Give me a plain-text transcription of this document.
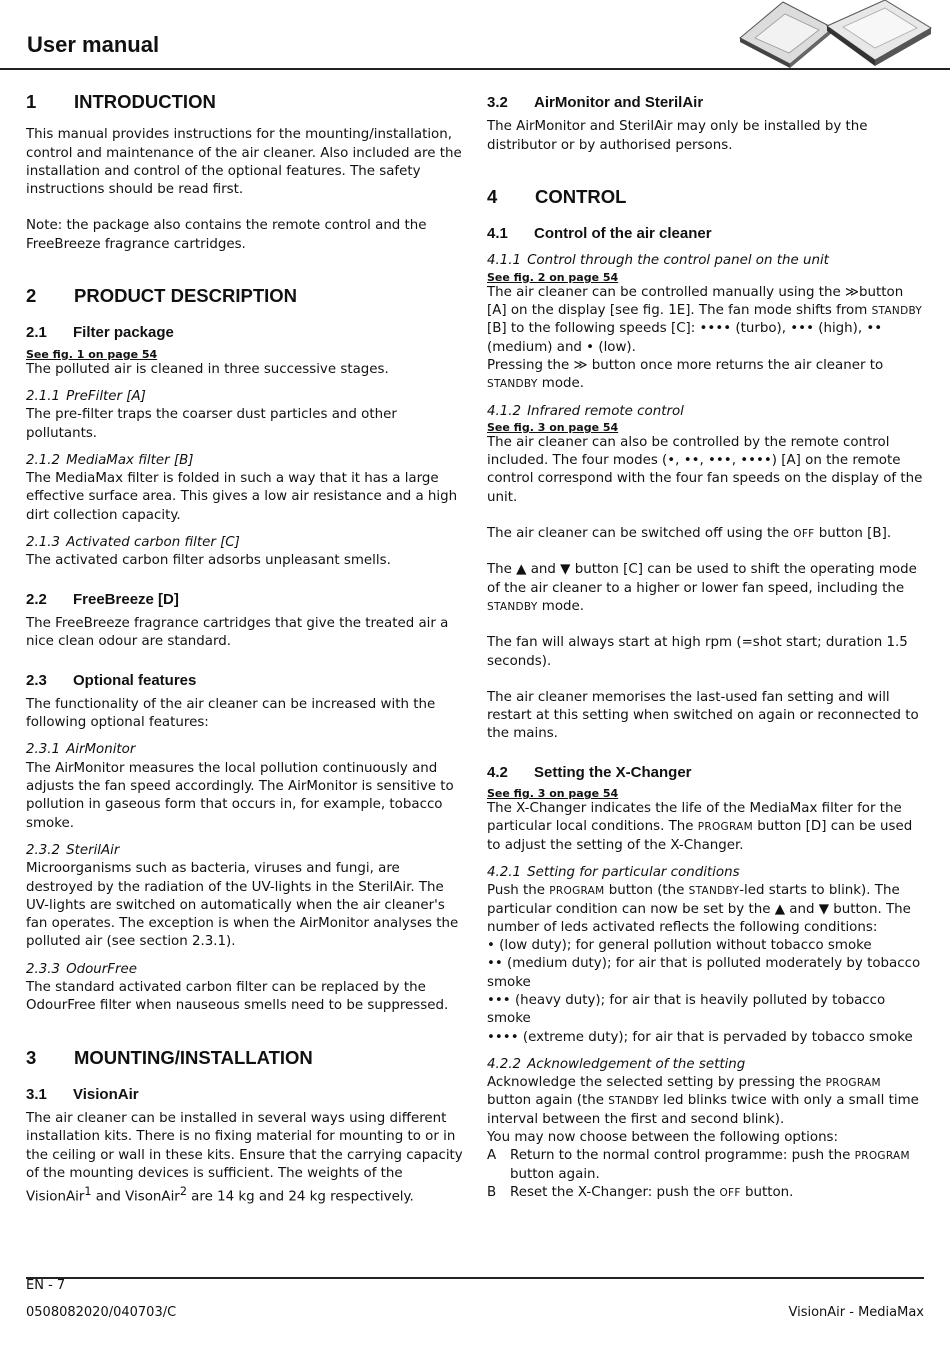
User manual
1 INTRODUCTION

This manual provides instructions for the mounting/installation, control and maintenance of the air cleaner. Also included are the installation and control of the optional features. The safety instructions should be read first.

Note: the package also contains the remote control and the FreeBreeze fragrance cartridges.

2 PRODUCT DESCRIPTION
2.1 Filter package

See fig. 1 on page 54

The polluted air is cleaned in three successive stages.

2.1.1 PreFilter [A]

The pre-filter traps the coarser dust particles and other pollutants.

2.1.2 MediaMax filter [B]

The MediaMax filter is folded in such a way that it has a large effective surface area. This gives a low air resistance and a high dirt collection capacity.

2.1.3 Activated carbon filter [C]

The activated carbon filter adsorbs unpleasant smells.

2.2 FreeBreeze [D]

The FreeBreeze fragrance cartridges that give the treated air a nice clean odour are standard.

2.3 Optional features

The functionality of the air cleaner can be increased with the following optional features:

2.3.1 AirMonitor

The AirMonitor measures the local pollution continuously and adjusts the fan speed accordingly. The AirMonitor is sensitive to pollution in gaseous form that occurs in, for example, tobacco smoke.

2.3.2 SterilAir

Microorganisms such as bacteria, viruses and fungi, are destroyed by the radiation of the UV-lights in the SterilAir. The UV-lights are switched on automatically when the air cleaner's fan operates. The exception is when the AirMonitor analyses the polluted air (see section 2.3.1).

2.3.3 OdourFree

The standard activated carbon filter can be replaced by the OdourFree filter when nauseous smells need to be suppressed.

3 MOUNTING/INSTALLATION
3.1 VisionAir

The air cleaner can be installed in several ways using different installation kits. There is no fixing material for mounting to or in the ceiling or wall in these kits. Ensure that the carrying capacity of the mounting devices is sufficient. The weights of the VisionAir$^1$ and VisonAir$^2$ are 14 kg and 24 kg respectively.

3.2 AirMonitor and SterilAir

The AirMonitor and SterilAir may only be installed by the distributor or by authorised persons.

4 CONTROL
4.1 Control of the air cleaner

4.1.1 Control through the control panel on the unit

See fig. 2 on page 54

The air cleaner can be controlled manually using the ≫button [A] on the display [see fig. 1E]. The fan mode shifts from STANDBY [B] to the following speeds [C]: •••• (turbo), ••• (high), •• (medium) and • (low).

Pressing the ≫ button once more returns the air cleaner to STANDBY mode.

4.1.2 Infrared remote control

See fig. 3 on page 54

The air cleaner can also be controlled by the remote control included. The four modes (•, ••, •••, ••••) [A] on the remote control correspond with the four fan speeds on the display of the unit.

The air cleaner can be switched off using the OFF button [B].

The ▲ and ▼ button [C] can be used to shift the operating mode of the air cleaner to a higher or lower fan speed, including the STANDBY mode.

The fan will always start at high rpm (=shot start; duration 1.5 seconds).

The air cleaner memorises the last-used fan setting and will restart at this setting when switched on again or reconnected to the mains.

4.2 Setting the X-Changer

See fig. 3 on page 54

The X-Changer indicates the life of the MediaMax filter for the particular local conditions. The PROGRAM button [D] can be used to adjust the setting of the X-Changer.

4.2.1 Setting for particular conditions

Push the PROGRAM button (the STANDBY-led starts to blink). The particular condition can now be set by the ▲ and ▼ button. The number of leds activated reflects the following conditions:

• (low duty); for general pollution without tobacco smoke

•• (medium duty); for air that is polluted moderately by tobacco smoke

••• (heavy duty); for air that is heavily polluted by tobacco smoke

•••• (extreme duty); for air that is pervaded by tobacco smoke

4.2.2 Acknowledgement of the setting

Acknowledge the selected setting by pressing the PROGRAM button again (the STANDBY led blinks twice with only a small time interval between the first and second blink).

You may now choose between the following options:

A	Return to the normal control programme: push the PROGRAM button again.
B	Reset the X-Changer: push the OFF button.
EN - 7
0508082020/040703/C	VisionAir - MediaMax
